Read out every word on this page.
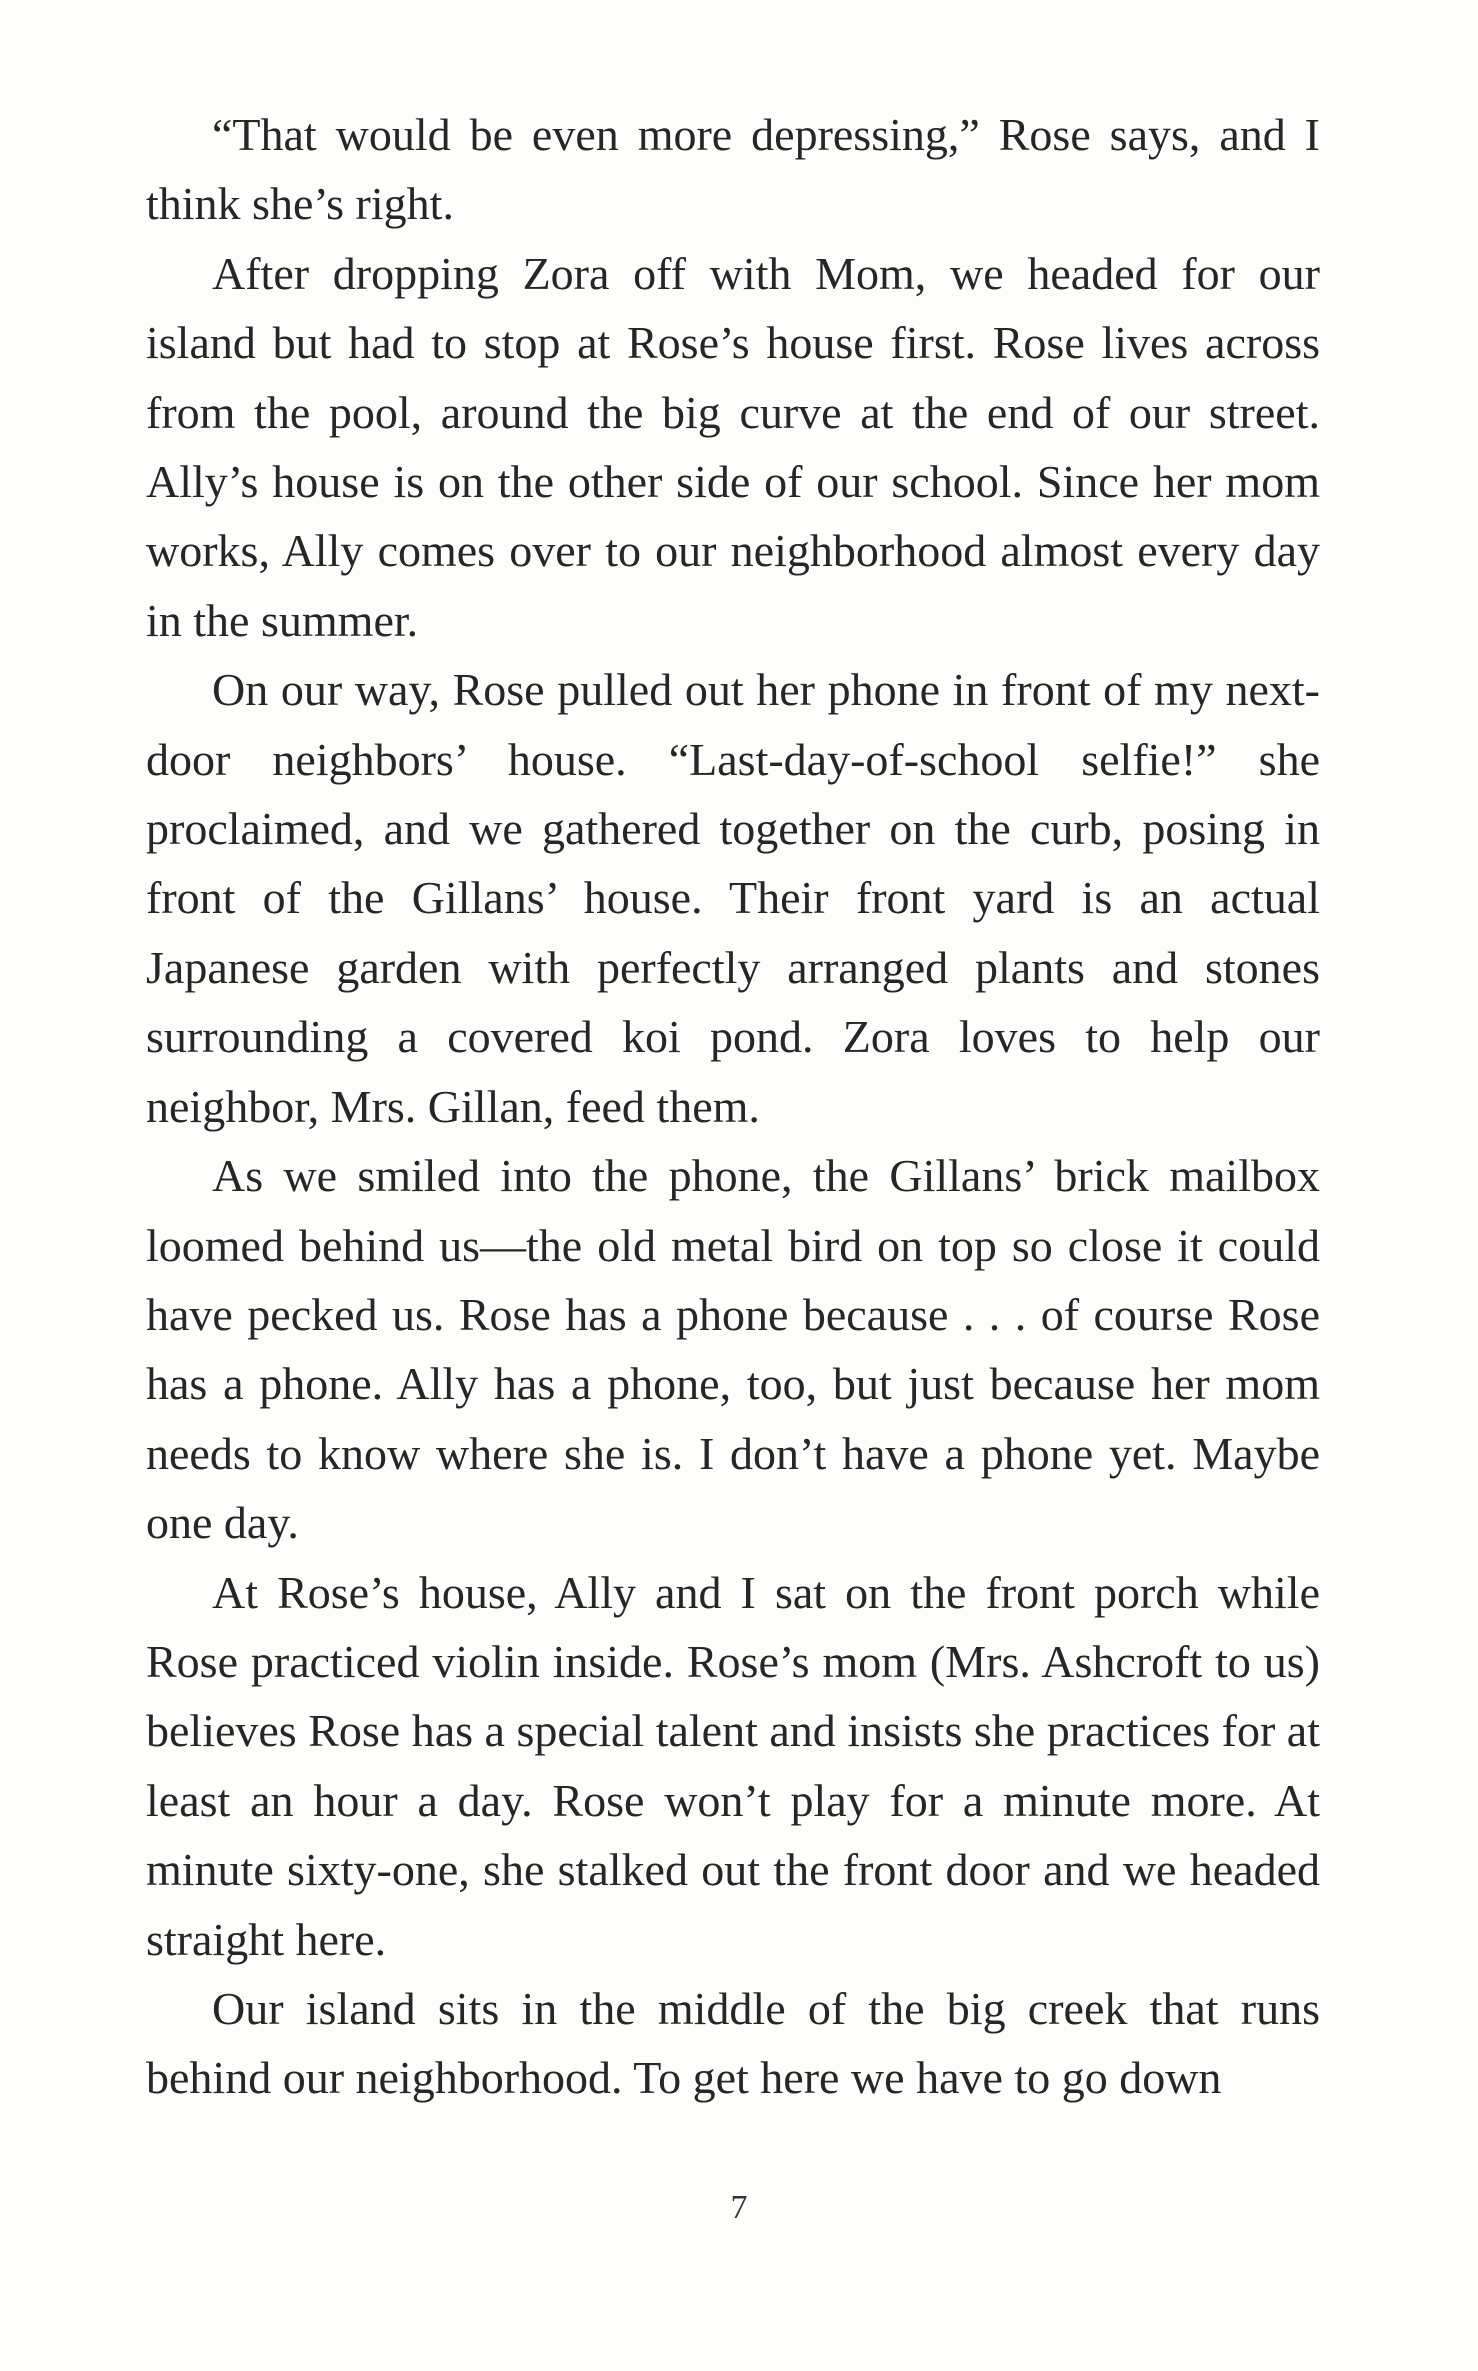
“That would be even more depressing,” Rose says, and I think she’s right.

After dropping Zora off with Mom, we headed for our island but had to stop at Rose’s house first. Rose lives across from the pool, around the big curve at the end of our street. Ally’s house is on the other side of our school. Since her mom works, Ally comes over to our neighborhood almost every day in the summer.

On our way, Rose pulled out her phone in front of my next-door neighbors’ house. “Last-day-of-school selfie!” she proclaimed, and we gathered together on the curb, posing in front of the Gillans’ house. Their front yard is an actual Japanese garden with perfectly arranged plants and stones surrounding a covered koi pond. Zora loves to help our neighbor, Mrs. Gillan, feed them.

As we smiled into the phone, the Gillans’ brick mailbox loomed behind us—the old metal bird on top so close it could have pecked us. Rose has a phone because . . . of course Rose has a phone. Ally has a phone, too, but just because her mom needs to know where she is. I don’t have a phone yet. Maybe one day.

At Rose’s house, Ally and I sat on the front porch while Rose practiced violin inside. Rose’s mom (Mrs. Ashcroft to us) believes Rose has a special talent and insists she practices for at least an hour a day. Rose won’t play for a minute more. At minute sixty-one, she stalked out the front door and we headed straight here.

Our island sits in the middle of the big creek that runs behind our neighborhood. To get here we have to go down

7
